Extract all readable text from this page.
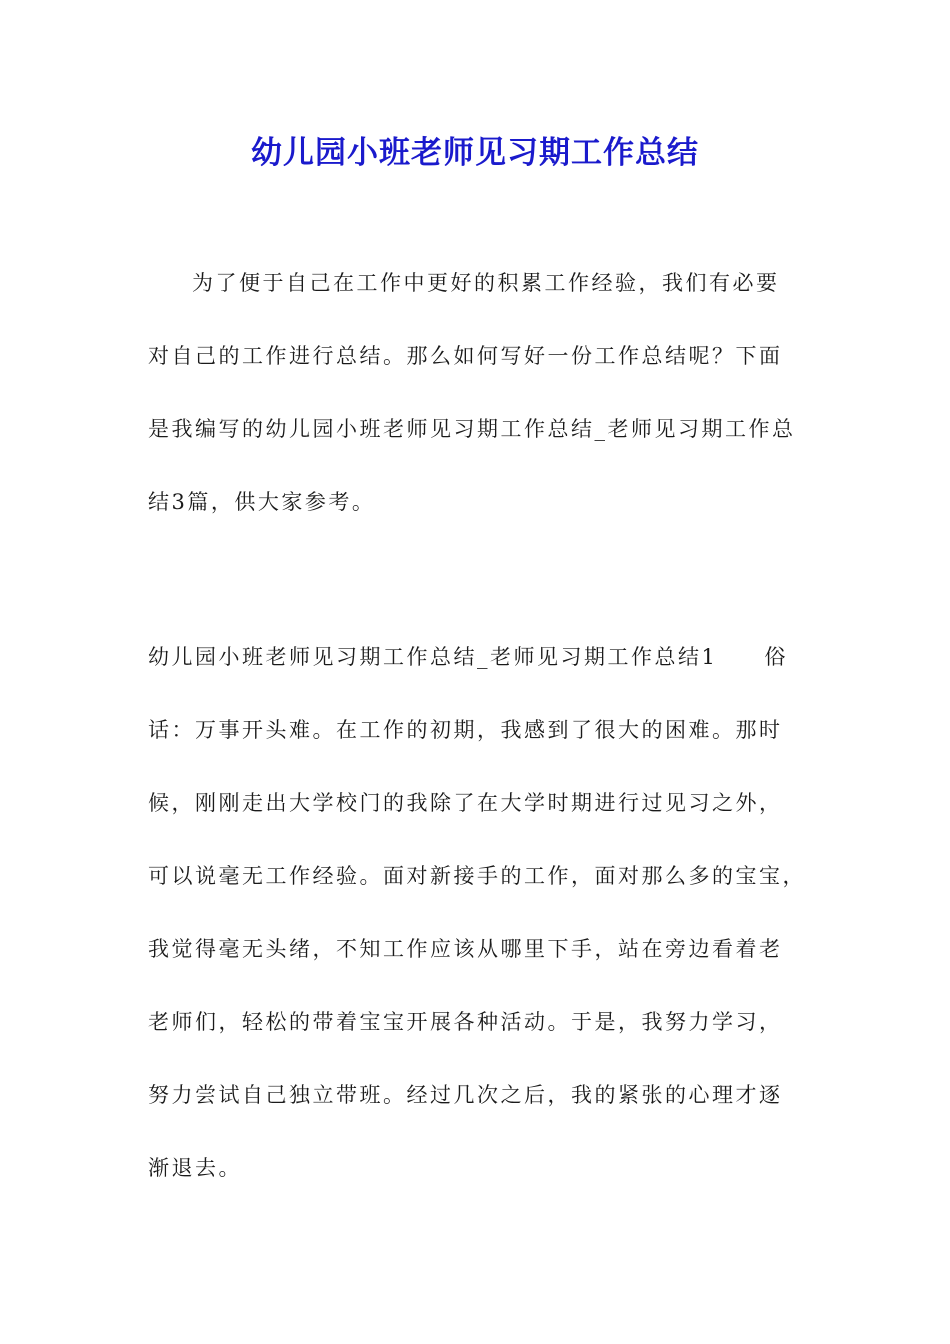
幼儿园小班老师见习期工作总结
为了便于自己在工作中更好的积累工作经验，我们有必要
对自己的工作进行总结。那么如何写好一份工作总结呢？下面
是我编写的幼儿园小班老师见习期工作总结_老师见习期工作总
结3篇，供大家参考。
幼儿园小班老师见习期工作总结_老师见习期工作总结1　　俗
话：万事开头难。在工作的初期，我感到了很大的困难。那时
候，刚刚走出大学校门的我除了在大学时期进行过见习之外，
可以说毫无工作经验。面对新接手的工作，面对那么多的宝宝，
我觉得毫无头绪，不知工作应该从哪里下手，站在旁边看着老
老师们，轻松的带着宝宝开展各种活动。于是，我努力学习，
努力尝试自己独立带班。经过几次之后，我的紧张的心理才逐
渐退去。
